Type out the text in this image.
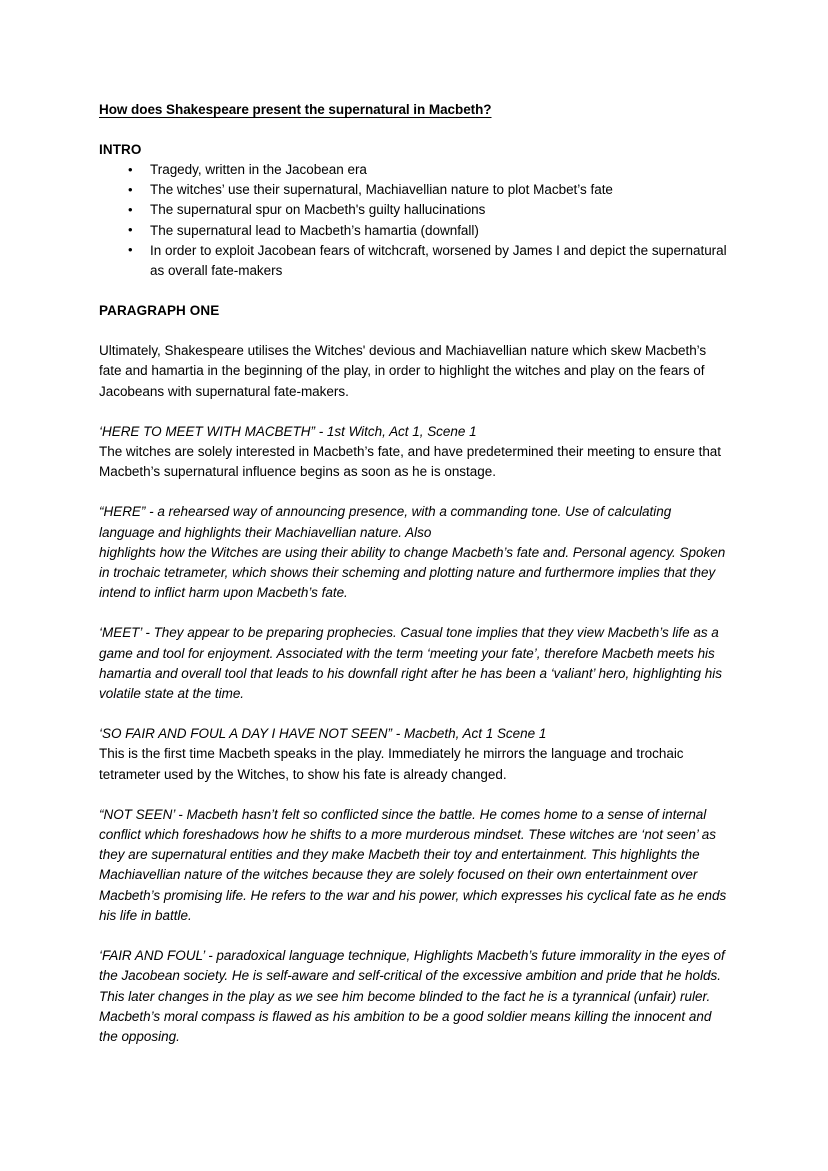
How does Shakespeare present the supernatural in Macbeth?
INTRO
• Tragedy, written in the Jacobean era
• The witches’ use their supernatural, Machiavellian nature to plot Macbet’s fate
• The supernatural spur on Macbeth's guilty hallucinations
• The supernatural lead to Macbeth’s hamartia (downfall)
• In order to exploit Jacobean fears of witchcraft, worsened by James I and depict the supernatural as overall fate-makers
PARAGRAPH ONE

Ultimately, Shakespeare utilises the Witches' devious and Machiavellian nature which skew Macbeth’s fate and hamartia in the beginning of the play, in order to highlight the witches and play on the fears of Jacobeans with supernatural fate-makers.

‘HERE TO MEET WITH MACBETH” - 1st Witch, Act 1, Scene 1

The witches are solely interested in Macbeth’s fate, and have predetermined their meeting to ensure that Macbeth’s supernatural influence begins as soon as he is onstage.

“HERE” - a rehearsed way of announcing presence, with a commanding tone. Use of calculating language and highlights their Machiavellian nature. Also

highlights how the Witches are using their ability to change Macbeth’s fate and. Personal agency. Spoken in trochaic tetrameter, which shows their scheming and plotting nature and furthermore implies that they intend to inflict harm upon Macbeth’s fate.

‘MEET’ - They appear to be preparing prophecies. Casual tone implies that they view Macbeth’s life as a game and tool for enjoyment. Associated with the term ‘meeting your fate’, therefore Macbeth meets his hamartia and overall tool that leads to his downfall right after he has been a ‘valiant’ hero, highlighting his volatile state at the time.

‘SO FAIR AND FOUL A DAY I HAVE NOT SEEN” - Macbeth, Act 1 Scene 1

This is the first time Macbeth speaks in the play. Immediately he mirrors the language and trochaic tetrameter used by the Witches, to show his fate is already changed.

“NOT SEEN’ - Macbeth hasn’t felt so conflicted since the battle. He comes home to a sense of internal conflict which foreshadows how he shifts to a more murderous mindset. These witches are ‘not seen’ as they are supernatural entities and they make Macbeth their toy and entertainment. This highlights the Machiavellian nature of the witches because they are solely focused on their own entertainment over Macbeth’s promising life. He refers to the war and his power, which expresses his cyclical fate as he ends his life in battle.

‘FAIR AND FOUL’ - paradoxical language technique, Highlights Macbeth’s future immorality in the eyes of the Jacobean society. He is self-aware and self-critical of the excessive ambition and pride that he holds. This later changes in the play as we see him become blinded to the fact he is a tyrannical (unfair) ruler. Macbeth’s moral compass is flawed as his ambition to be a good soldier means killing the innocent and the opposing.
